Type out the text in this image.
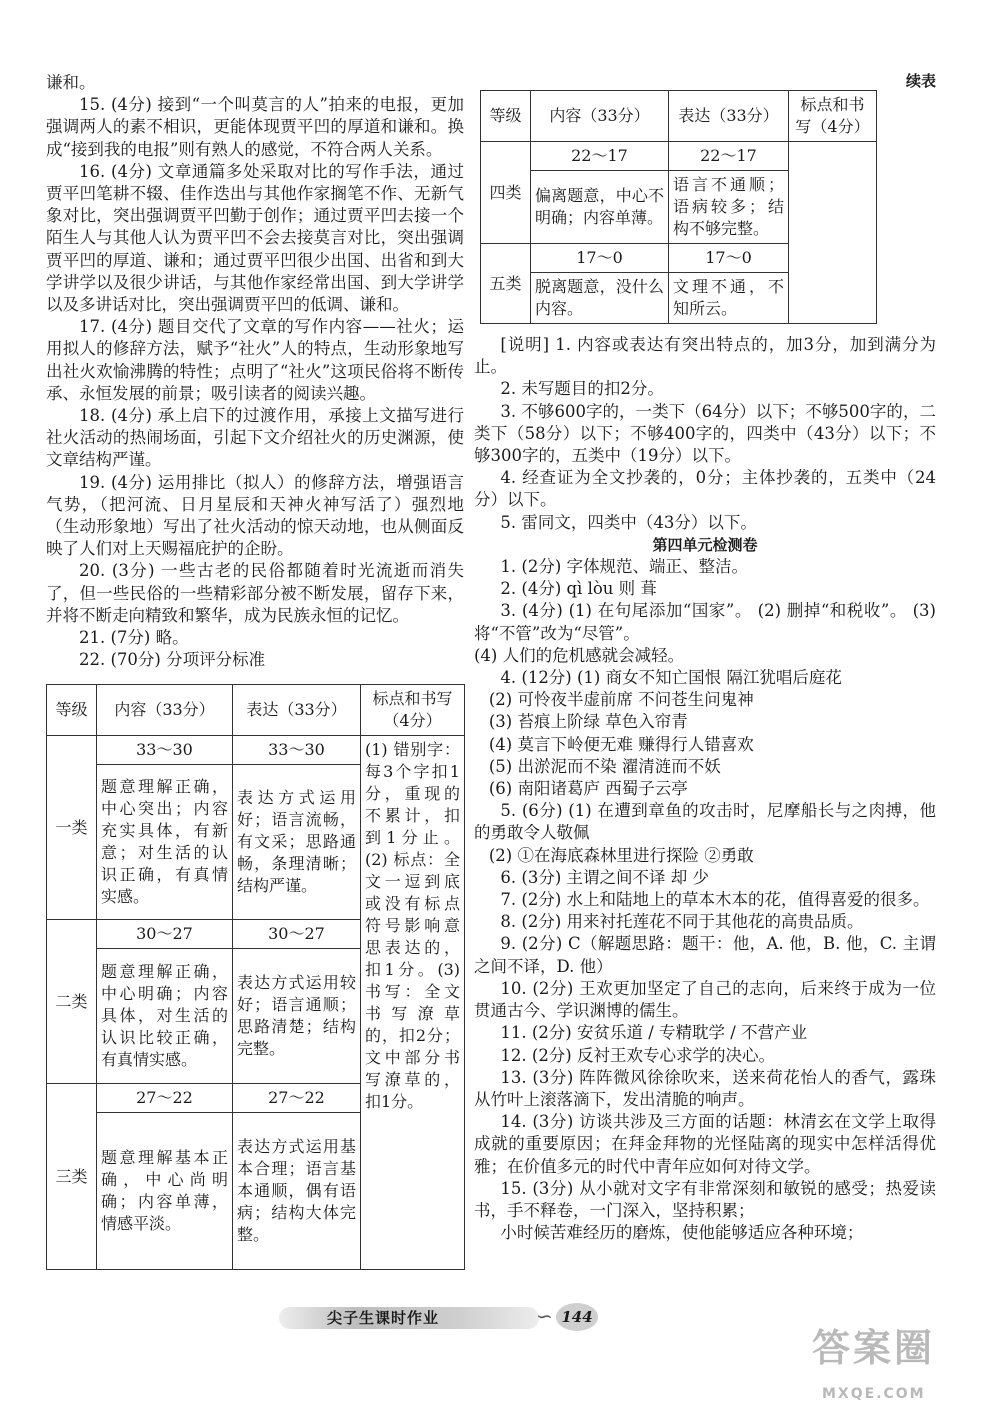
谦和。

15. (4分) 接到“一个叫莫言的人”拍来的电报，更加强调两人的素不相识，更能体现贾平凹的厚道和谦和。换成“接到我的电报”则有熟人的感觉，不符合两人关系。

16. (4分) 文章通篇多处采取对比的写作手法，通过贾平凹笔耕不辍、佳作迭出与其他作家搁笔不作、无新气象对比，突出强调贾平凹勤于创作；通过贾平凹去接一个陌生人与其他人认为贾平凹不会去接莫言对比，突出强调贾平凹的厚道、谦和；通过贾平凹很少出国、出省和到大学讲学以及很少讲话，与其他作家经常出国、到大学讲学以及多讲话对比，突出强调贾平凹的低调、谦和。

17. (4分) 题目交代了文章的写作内容——社火；运用拟人的修辞方法，赋予“社火”人的特点，生动形象地写出社火欢愉沸腾的特性；点明了“社火”这项民俗将不断传承、永恒发展的前景；吸引读者的阅读兴趣。

18. (4分) 承上启下的过渡作用，承接上文描写进行社火活动的热闹场面，引起下文介绍社火的历史渊源，使文章结构严谨。

19. (4分) 运用排比（拟人）的修辞方法，增强语言气势，（把河流、日月星辰和天神火神写活了）强烈地（生动形象地）写出了社火活动的惊天动地，也从侧面反映了人们对上天赐福庇护的企盼。

20. (3分) 一些古老的民俗都随着时光流逝而消失了，但一些民俗的一些精彩部分被不断发展，留存下来，并将不断走向精致和繁华，成为民族永恒的记忆。

21. (7分) 略。

22. (70分) 分项评分标准

等级	内容（33分）	表达（33分）	标点和书写（4分）
一类	33～30	33～30	(1) 错别字：每3个字扣1分，重现的不累计，扣到1分止。(2) 标点：全文一逗到底或没有标点符号影响意思表达的，扣1分。(3) 书写：全文书写潦草的，扣2分；文中部分书写潦草的，扣1分。
	题意理解正确，中心突出；内容充实具体，有新意；对生活的认识正确，有真情实感。	表达方式运用好；语言流畅，有文采；思路通畅，条理清晰；结构严谨。	
二类	30～27	30～27	
	题意理解正确，中心明确；内容具体，对生活的认识比较正确，有真情实感。	表达方式运用较好；语言通顺；思路清楚；结构完整。	
三类	27～22	27～22	
	题意理解基本正确，中心尚明确；内容单薄，情感平淡。	表达方式运用基本合理；语言基本通顺，偶有语病；结构大体完整。	
续表
等级	内容（33分）	表达（33分）	标点和书写（4分）
四类	22～17	22～17	
	偏离题意，中心不明确；内容单薄。	语言不通顺；语病较多；结构不够完整。	
五类	17～0	17～0	
	脱离题意，没什么内容。	文理不通，不知所云。	

[说明] 1. 内容或表达有突出特点的，加3分，加到满分为止。

2. 未写题目的扣2分。

3. 不够600字的，一类下（64分）以下；不够500字的，二类下（58分）以下；不够400字的，四类中（43分）以下；不够300字的，五类中（19分）以下。

4. 经查证为全文抄袭的，0分；主体抄袭的，五类中（24分）以下。

5. 雷同文，四类中（43分）以下。

第四单元检测卷

1. (2分) 字体规范、端正、整洁。

2. (4分) qì lòu 则 葺

3. (4分) (1) 在句尾添加“国家”。 (2) 删掉“和税收”。 (3) 将“不管”改为“尽管”。

(4) 人们的危机感就会减轻。

4. (12分) (1) 商女不知亡国恨 隔江犹唱后庭花

(2) 可怜夜半虚前席 不问苍生问鬼神

(3) 苔痕上阶绿 草色入帘青

(4) 莫言下岭便无难 赚得行人错喜欢

(5) 出淤泥而不染 濯清涟而不妖

(6) 南阳诸葛庐 西蜀子云亭

5. (6分) (1) 在遭到章鱼的攻击时，尼摩船长与之肉搏，他的勇敢令人敬佩

(2) ①在海底森林里进行探险 ②勇敢

6. (3分) 主谓之间不译 却 少

7. (2分) 水上和陆地上的草本木本的花，值得喜爱的很多。

8. (2分) 用来衬托莲花不同于其他花的高贵品质。

9. (2分) C（解题思路：题干：他，A. 他，B. 他，C. 主谓之间不译，D. 他）

10. (2分) 王欢更加坚定了自己的志向，后来终于成为一位贯通古今、学识渊博的儒生。

11. (2分) 安贫乐道 / 专精耽学 / 不营产业

12. (2分) 反衬王欢专心求学的决心。

13. (3分) 阵阵微风徐徐吹来，送来荷花怡人的香气，露珠从竹叶上滚落滴下，发出清脆的响声。

14. (3分) 访谈共涉及三方面的话题：林清玄在文学上取得成就的重要原因；在拜金拜物的光怪陆离的现实中怎样活得优雅；在价值多元的时代中青年应如何对待文学。

15. (3分) 从小就对文字有非常深刻和敏锐的感受；热爱读书，手不释卷，一门深入，坚持积累；

小时候苦难经历的磨炼，使他能够适应各种环境；

尖子生课时作业	∽ 144
答案圈
MXQE.COM
